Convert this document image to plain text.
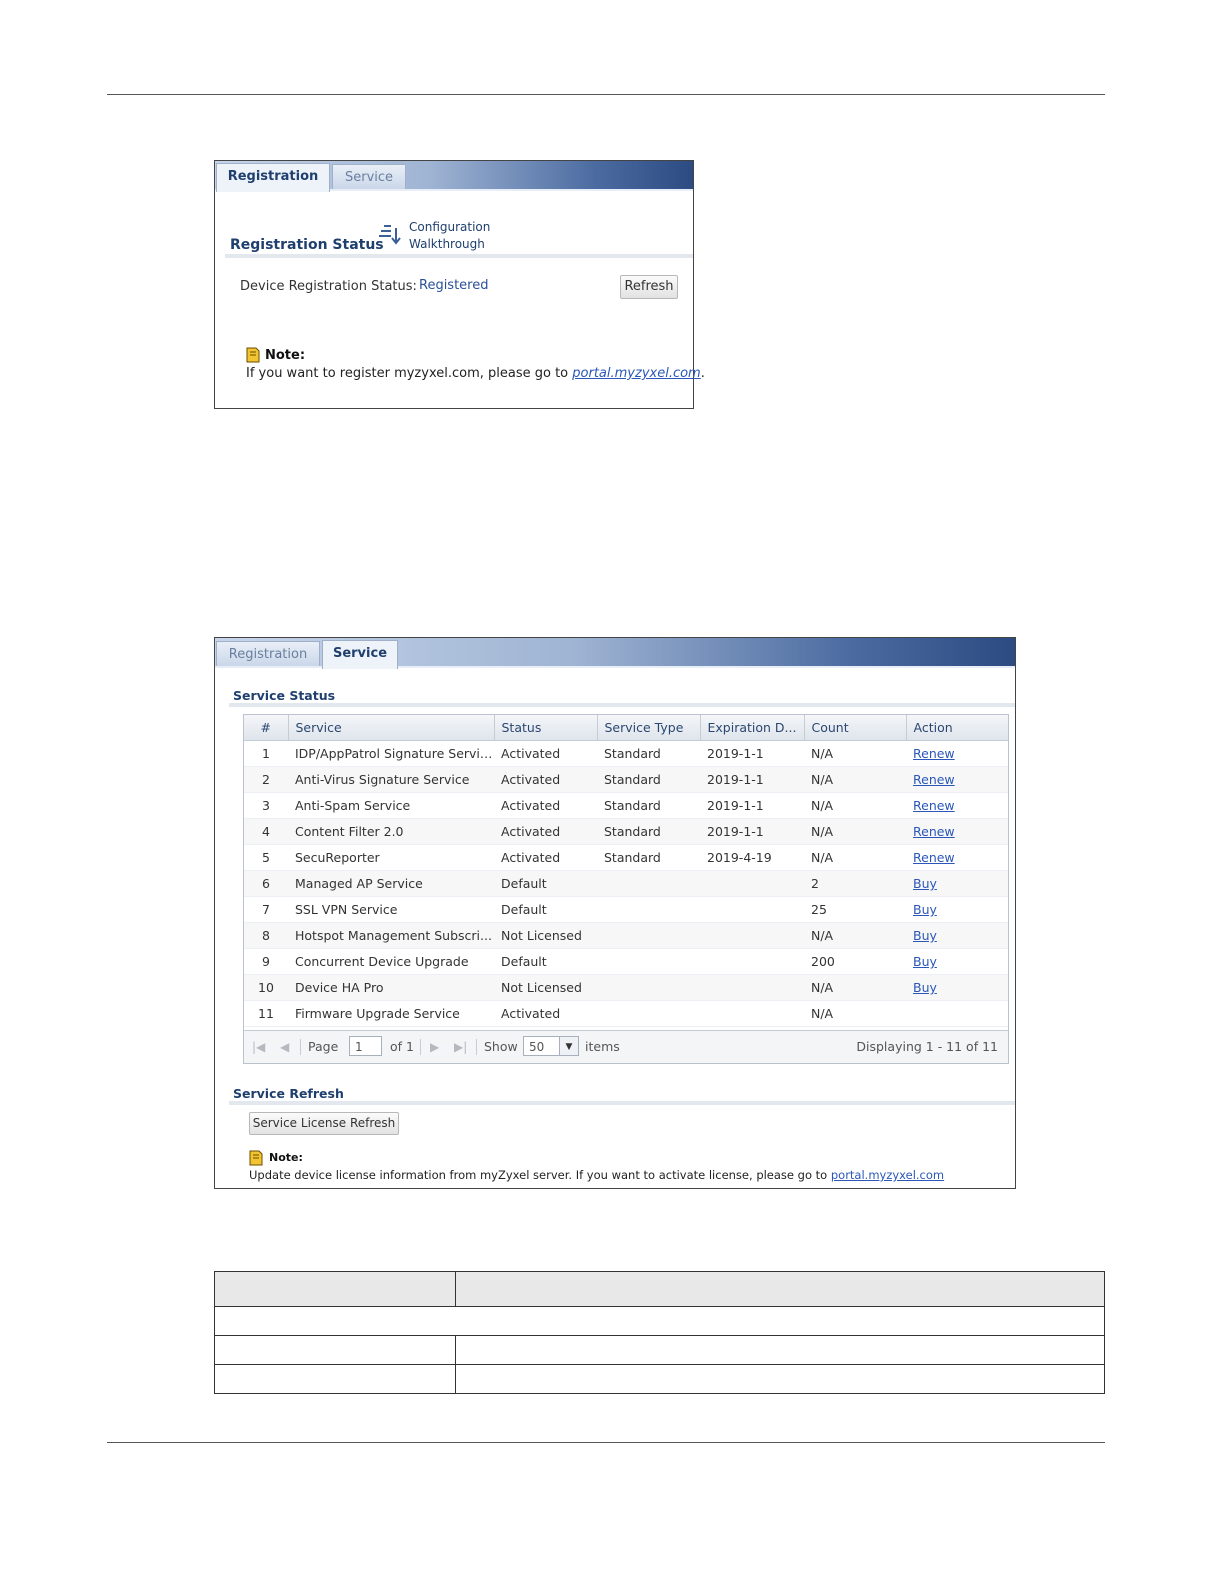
Registration	Service
Registration Status
Configuration
Walkthrough
Device Registration Status: Registered	Refresh
Note:
If you want to register myzyxel.com, please go to portal.myzyxel.com.
Registration	Service
Service Status
#	Service	Status	Service Type	Expiration D...	Count	Action
1	IDP/AppPatrol Signature Service	Activated	Standard	2019-1-1	N/A	Renew
2	Anti-Virus Signature Service	Activated	Standard	2019-1-1	N/A	Renew
3	Anti-Spam Service	Activated	Standard	2019-1-1	N/A	Renew
4	Content Filter 2.0	Activated	Standard	2019-1-1	N/A	Renew
5	SecuReporter	Activated	Standard	2019-4-19	N/A	Renew
6	Managed AP Service	Default			2	Buy
7	SSL VPN Service	Default			25	Buy
8	Hotspot Management Subscri...	Not Licensed			N/A	Buy
9	Concurrent Device Upgrade	Default			200	Buy
10	Device HA Pro	Not Licensed			N/A	Buy
11	Firmware Upgrade Service	Activated			N/A	
|◀ ◀ Page	1	of 1 ▶ ▶| Show 50	▼	items	Displaying 1 - 11 of 11
Service Refresh
Service License Refresh
Note:
Update device license information from myZyxel server. If you want to activate license, please go to portal.myzyxel.com
